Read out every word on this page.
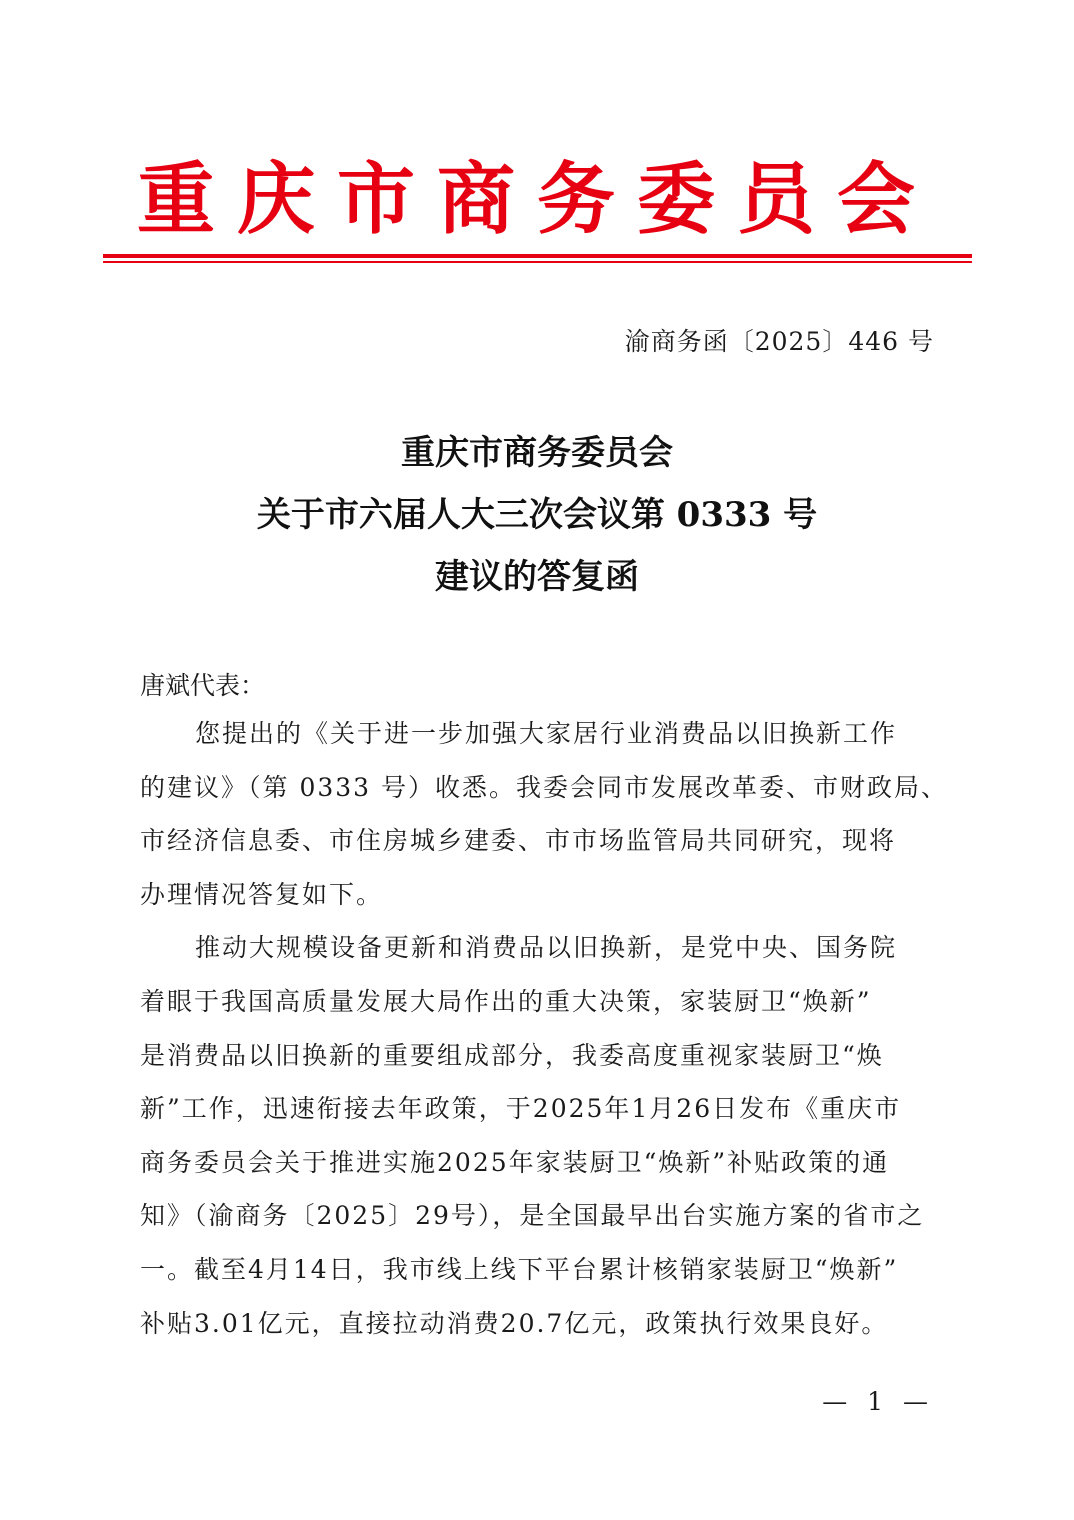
重庆市商务委员会
渝商务函〔2025〕446 号
重庆市商务委员会
关于市六届人大三次会议第 0333 号
建议的答复函
唐斌代表：
您提出的《关于进一步加强大家居行业消费品以旧换新工作
的建议》（第 0333 号）收悉。我委会同市发展改革委、市财政局、
市经济信息委、市住房城乡建委、市市场监管局共同研究，现将
办理情况答复如下。
推动大规模设备更新和消费品以旧换新，是党中央、国务院
着眼于我国高质量发展大局作出的重大决策，家装厨卫“焕新”
是消费品以旧换新的重要组成部分，我委高度重视家装厨卫“焕
新”工作，迅速衔接去年政策，于2025年1月26日发布《重庆市
商务委员会关于推进实施2025年家装厨卫“焕新”补贴政策的通
知》（渝商务〔2025〕29号），是全国最早出台实施方案的省市之
一。截至4月14日，我市线上线下平台累计核销家装厨卫“焕新”
补贴3.01亿元，直接拉动消费20.7亿元，政策执行效果良好。
— 1 —
